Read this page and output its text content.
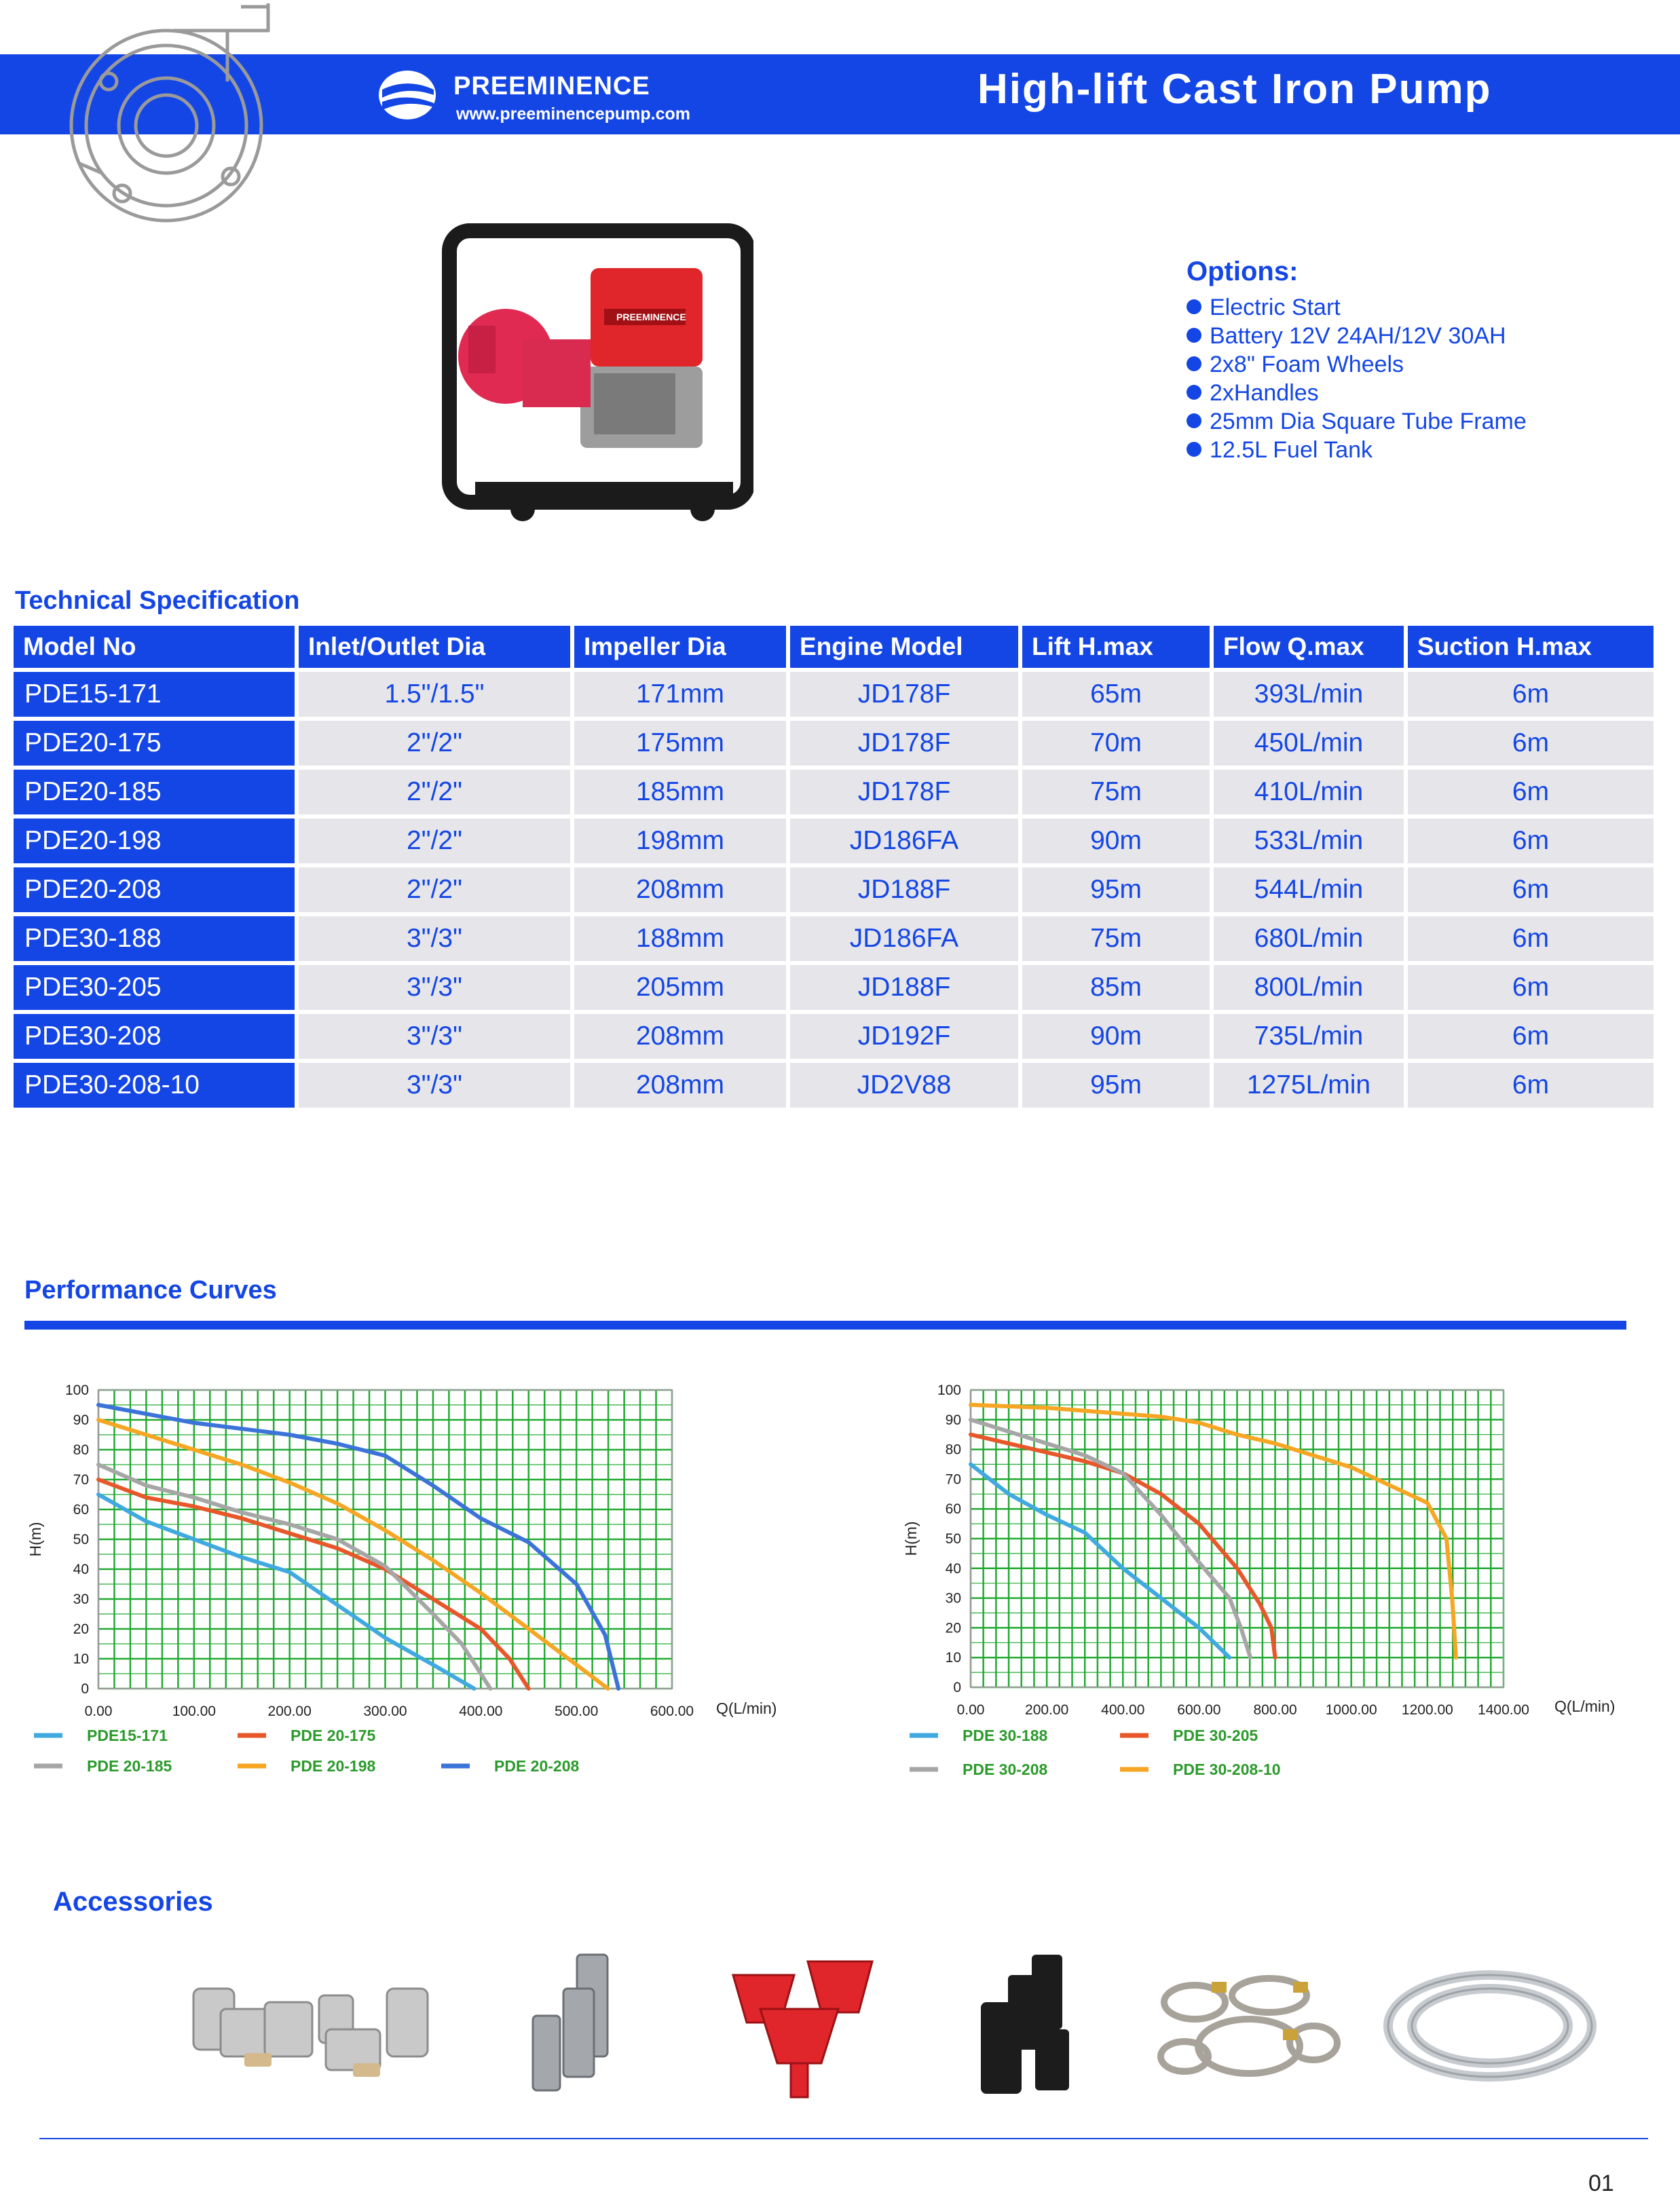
PREEMINENCE
www.preeminencepump.com
High-lift Cast Iron Pump
PREEMINENCE
Options:
Electric Start
Battery 12V 24AH/12V 30AH
2x8" Foam Wheels
2xHandles
25mm Dia Square Tube Frame
12.5L Fuel Tank
Technical Specification
Model No	Inlet/Outlet Dia	Impeller Dia	Engine Model	Lift H.max	Flow Q.max	Suction H.max
PDE15-171	1.5"/1.5"	171mm	JD178F	65m	393L/min	6m
PDE20-175	2"/2"	175mm	JD178F	70m	450L/min	6m
PDE20-185	2"/2"	185mm	JD178F	75m	410L/min	6m
PDE20-198	2"/2"	198mm	JD186FA	90m	533L/min	6m
PDE20-208	2"/2"	208mm	JD188F	95m	544L/min	6m
PDE30-188	3"/3"	188mm	JD186FA	75m	680L/min	6m
PDE30-205	3"/3"	205mm	JD188F	85m	800L/min	6m
PDE30-208	3"/3"	208mm	JD192F	90m	735L/min	6m
PDE30-208-10	3"/3"	208mm	JD2V88	95m	1275L/min	6m
Performance Curves
0
10
20
30
40
50
60
70
80
90
100
0.00	100.00	200.00	300.00	400.00	500.00	600.00 Q(L/min)
H(m)
PDE15-171	PDE 20-175
PDE 20-185	PDE 20-198	PDE 20-208
0
10
20
30
40
50
60
70
80
90
100
0.00	200.00 400.00 600.00 800.00 1000.00 1200.00 1400.00 Q(L/min)
H(m)
PDE 30-188	PDE 30-205
PDE 30-208	PDE 30-208-10
Accessories
01
